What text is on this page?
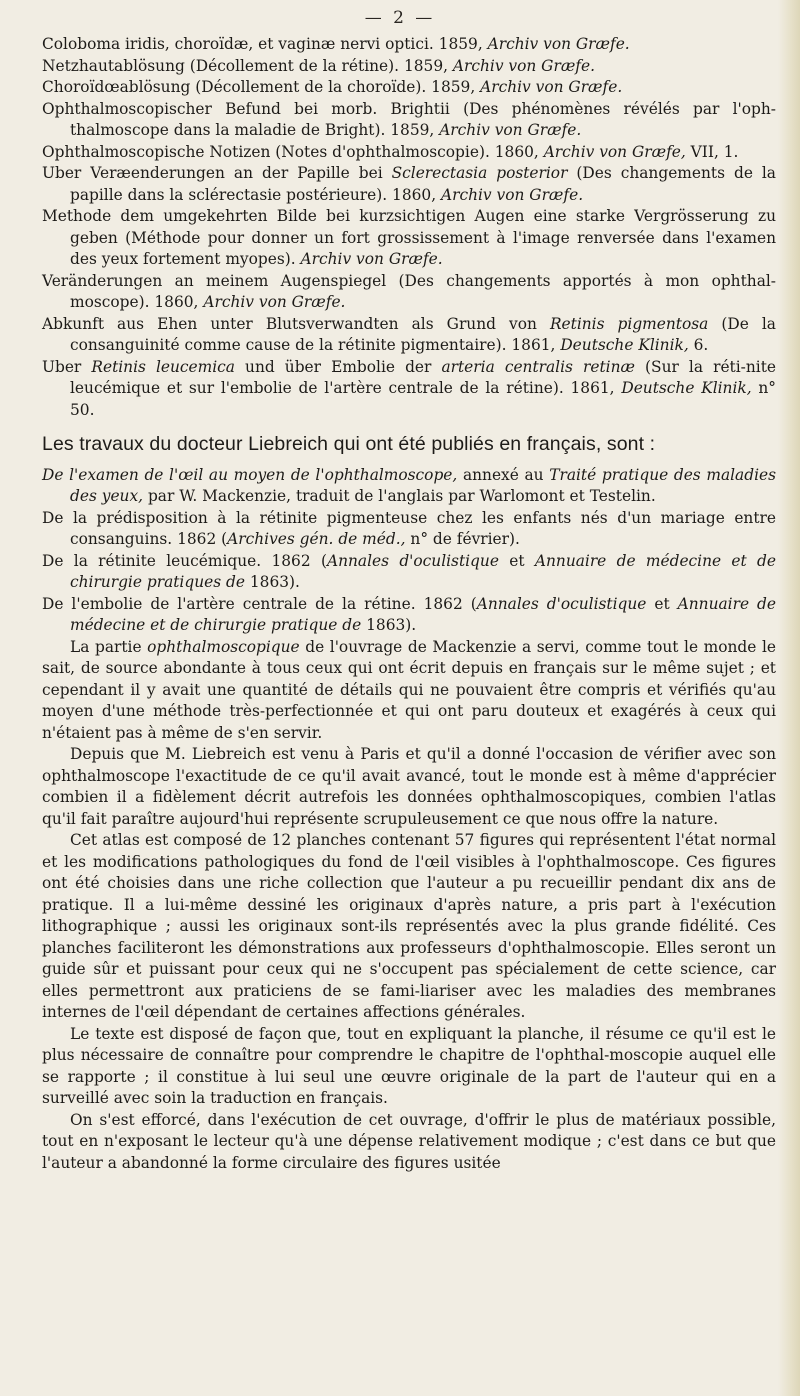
— 2 —

Coloboma iridis, choroïdæ, et vaginæ nervi optici. 1859, Archiv von Græfe.

Netzhautablösung (Décollement de la rétine). 1859, Archiv von Græfe.

Choroïdœablösung (Décollement de la choroïde). 1859, Archiv von Græfe.

Ophthalmoscopischer Befund bei morb. Brightii (Des phénomènes révélés par l'oph-thalmoscope dans la maladie de Bright). 1859, Archiv von Græfe.

Ophthalmoscopische Notizen (Notes d'ophthalmoscopie). 1860, Archiv von Græfe, VII, 1.

Uber Veræenderungen an der Papille bei Sclerectasia posterior (Des changements de la papille dans la sclérectasie postérieure). 1860, Archiv von Græfe.

Methode dem umgekehrten Bilde bei kurzsichtigen Augen eine starke Vergrösserung zu geben (Méthode pour donner un fort grossissement à l'image renversée dans l'examen des yeux fortement myopes). Archiv von Græfe.

Veränderungen an meinem Augenspiegel (Des changements apportés à mon ophthal-moscope). 1860, Archiv von Græfe.

Abkunft aus Ehen unter Blutsverwandten als Grund von Retinis pigmentosa (De la consanguinité comme cause de la rétinite pigmentaire). 1861, Deutsche Klinik, 6.

Uber Retinis leucemica und über Embolie der arteria centralis retinæ (Sur la réti-nite leucémique et sur l'embolie de l'artère centrale de la rétine). 1861, Deutsche Klinik, n° 50.

Les travaux du docteur Liebreich qui ont été publiés en français, sont :

De l'examen de l'œil au moyen de l'ophthalmoscope, annexé au Traité pratique des maladies des yeux, par W. Mackenzie, traduit de l'anglais par Warlomont et Testelin.

De la prédisposition à la rétinite pigmenteuse chez les enfants nés d'un mariage entre consanguins. 1862 (Archives gén. de méd., n° de février).

De la rétinite leucémique. 1862 (Annales d'oculistique et Annuaire de médecine et de chirurgie pratiques de 1863).

De l'embolie de l'artère centrale de la rétine. 1862 (Annales d'oculistique et Annuaire de médecine et de chirurgie pratique de 1863).

La partie ophthalmoscopique de l'ouvrage de Mackenzie a servi, comme tout le monde le sait, de source abondante à tous ceux qui ont écrit depuis en français sur le même sujet ; et cependant il y avait une quantité de détails qui ne pouvaient être compris et vérifiés qu'au moyen d'une méthode très-perfectionnée et qui ont paru douteux et exagérés à ceux qui n'étaient pas à même de s'en servir.

Depuis que M. Liebreich est venu à Paris et qu'il a donné l'occasion de vérifier avec son ophthalmoscope l'exactitude de ce qu'il avait avancé, tout le monde est à même d'apprécier combien il a fidèlement décrit autrefois les données ophthalmoscopiques, combien l'atlas qu'il fait paraître aujourd'hui représente scrupuleusement ce que nous offre la nature.

Cet atlas est composé de 12 planches contenant 57 figures qui représentent l'état normal et les modifications pathologiques du fond de l'œil visibles à l'ophthalmoscope. Ces figures ont été choisies dans une riche collection que l'auteur a pu recueillir pendant dix ans de pratique. Il a lui-même dessiné les originaux d'après nature, a pris part à l'exécution lithographique ; aussi les originaux sont-ils représentés avec la plus grande fidélité. Ces planches faciliteront les démonstrations aux professeurs d'ophthalmoscopie. Elles seront un guide sûr et puissant pour ceux qui ne s'occupent pas spécialement de cette science, car elles permettront aux praticiens de se fami-liariser avec les maladies des membranes internes de l'œil dépendant de certaines affections générales.

Le texte est disposé de façon que, tout en expliquant la planche, il résume ce qu'il est le plus nécessaire de connaître pour comprendre le chapitre de l'ophthal-moscopie auquel elle se rapporte ; il constitue à lui seul une œuvre originale de la part de l'auteur qui en a surveillé avec soin la traduction en français.

On s'est efforcé, dans l'exécution de cet ouvrage, d'offrir le plus de matériaux possible, tout en n'exposant le lecteur qu'à une dépense relativement modique ; c'est dans ce but que l'auteur a abandonné la forme circulaire des figures usitée
